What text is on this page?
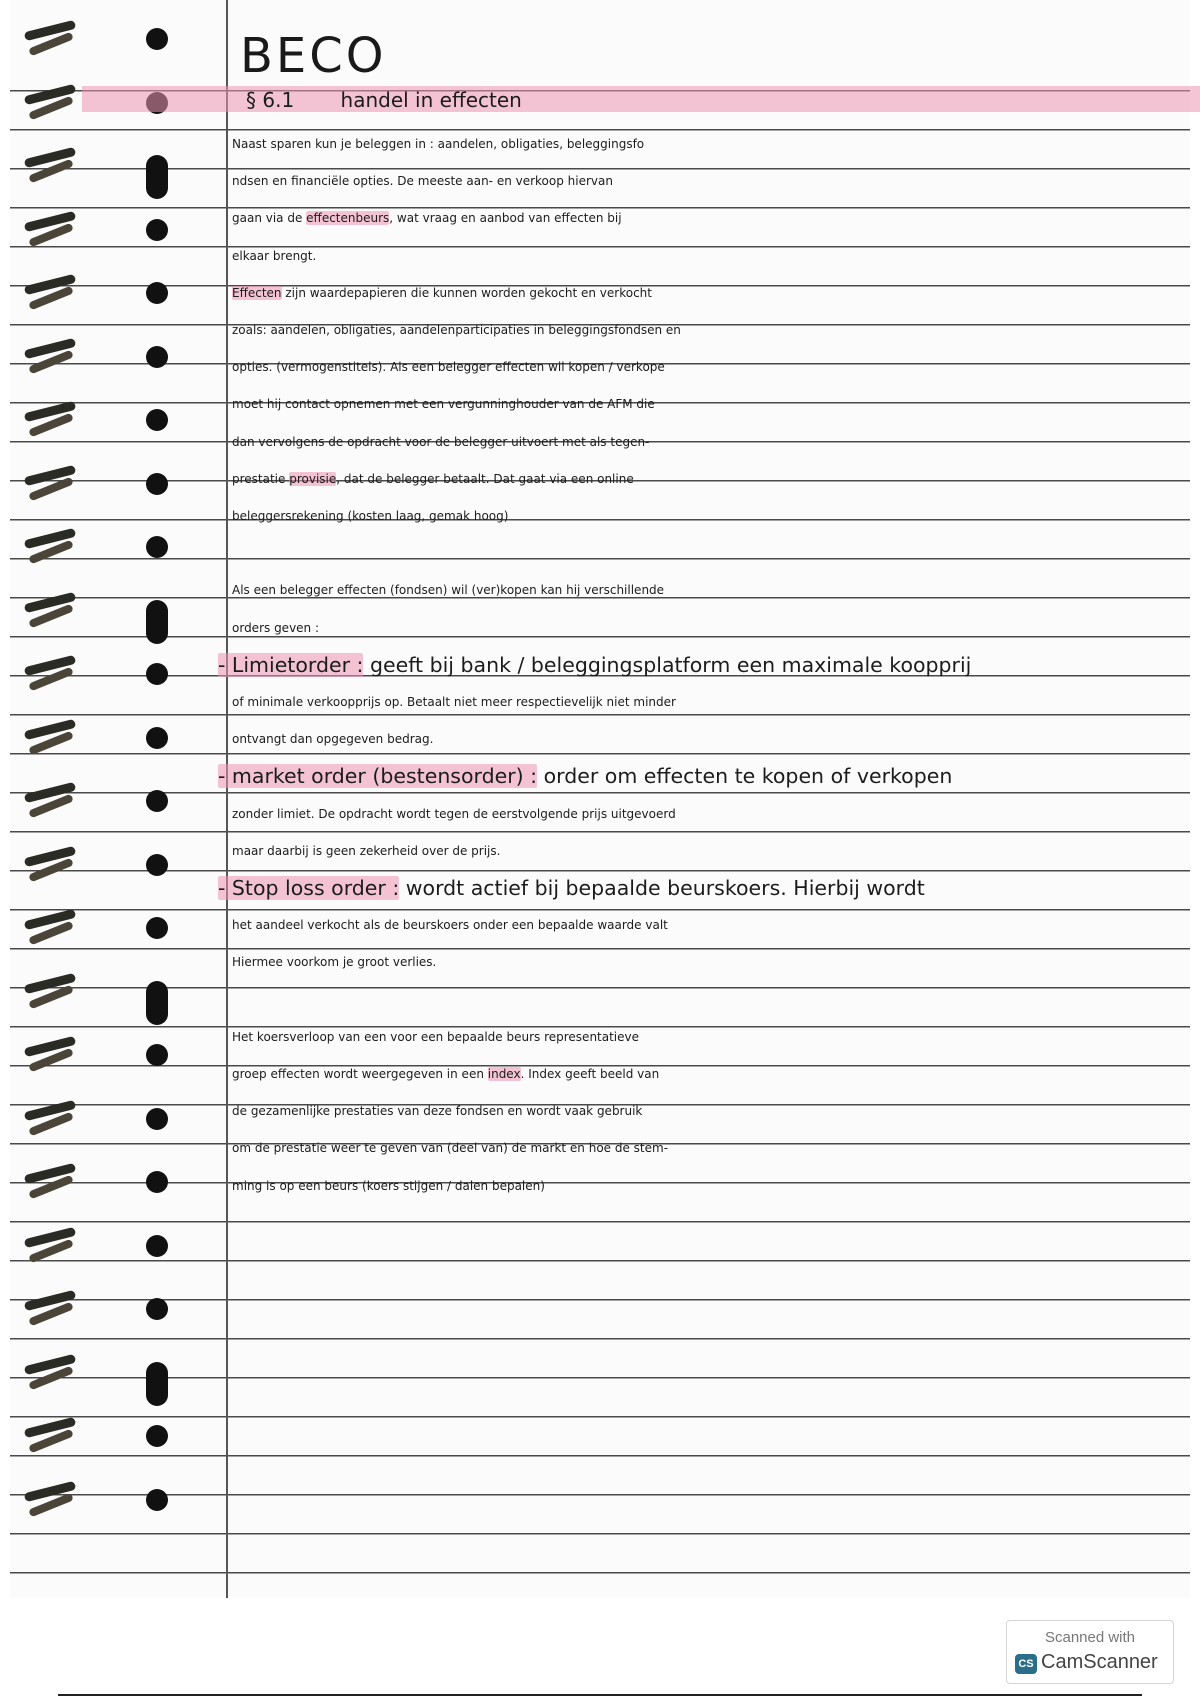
BECO
§ 6.1 handel in effecten
Naast sparen kun je beleggen in : aandelen, obligaties, beleggingsfo
ndsen en financiële opties. De meeste aan- en verkoop hiervan
gaan via de effectenbeurs, wat vraag en aanbod van effecten bij
elkaar brengt.
Effecten zijn waardepapieren die kunnen worden gekocht en verkocht
zoals: aandelen, obligaties, aandelenparticipaties in beleggingsfondsen en
opties. (vermogenstitels). Als een belegger effecten wil kopen / verkope
moet hij contact opnemen met een vergunninghouder van de AFM die
dan vervolgens de opdracht voor de belegger uitvoert met als tegen-
prestatie provisie, dat de belegger betaalt. Dat gaat via een online
beleggersrekening (kosten laag, gemak hoog)
Als een belegger effecten (fondsen) wil (ver)kopen kan hij verschillende
orders geven :
- Limietorder : geeft bij bank / beleggingsplatform een maximale koopprij
of minimale verkoopprijs op. Betaalt niet meer respectievelijk niet minder
ontvangt dan opgegeven bedrag.
- market order (bestensorder) : order om effecten te kopen of verkopen
zonder limiet. De opdracht wordt tegen de eerstvolgende prijs uitgevoerd
maar daarbij is geen zekerheid over de prijs.
- Stop loss order : wordt actief bij bepaalde beurskoers. Hierbij wordt
het aandeel verkocht als de beurskoers onder een bepaalde waarde valt
Hiermee voorkom je groot verlies.
Het koersverloop van een voor een bepaalde beurs representatieve
groep effecten wordt weergegeven in een index. Index geeft beeld van
de gezamenlijke prestaties van deze fondsen en wordt vaak gebruik
om de prestatie weer te geven van (deel van) de markt en hoe de stem-
ming is op een beurs (koers stijgen / dalen bepalen)
Scanned with
CS CamScanner
